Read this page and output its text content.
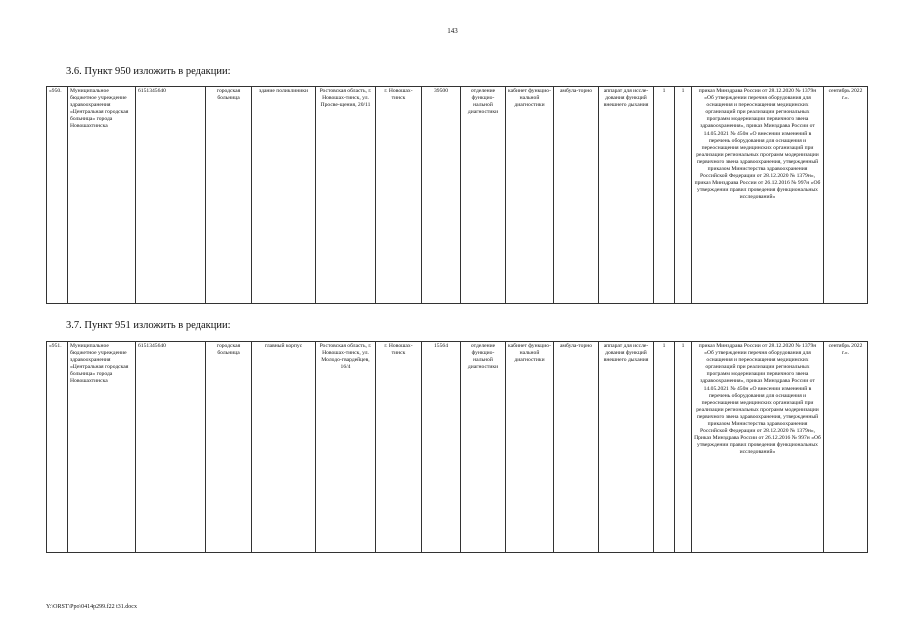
143
3.6. Пункт 950 изложить в редакции:
«950.	Муниципальное бюджетное учреждение здравоохранения «Центральная городская больница» города Новошахтинска	6151345640	городская больница	здание поликлиники	Ростовская область, г. Новошах-тинск, ул. Просве-щения, 20/11	г. Новошах-тинск	39500	отделение функцио-нальной диагностики	кабинет функцио-нальной диагностики	амбула-торно	аппарат для иссле-дования функций внешнего дыхания	1	1	приказ Минздрава России от 28.12.2020 № 1379н «Об утверждении перечня оборудования для оснащения и переоснащения медицинских организаций при реализации региональных программ модернизации первичного звена здравоохранения», приказ Минздрава России от 14.05.2021 № 450н «О внесении изменений в перечень оборудования для оснащения и переоснащения медицинских организаций при реализации региональных программ модернизации первичного звена здравоохранения, утвержденный приказом Министерства здравоохранения Российской Федерации от 28.12.2020 № 1379н», приказ Минздрава России от 26.12.2016 № 997н «Об утверждении правил проведения функциональных исследований»	сентябрь 2022 г.».
3.7. Пункт 951 изложить в редакции:
«951.	Муниципальное бюджетное учреждение здравоохранения «Центральная городская больница» города Новошахтинска	6151345640	городская больница	главный корпус	Ростовская область, г. Новошах-тинск, ул. Молодо-гвардейцев, 16/4	г. Новошах-тинск	15564	отделение функцио-нальной диагностики	кабинет функцио-нальной диагностики	амбула-торно	аппарат для иссле-дования функций внешнего дыхания	1	1	приказ Минздрава России от 28.12.2020 № 1379н «Об утверждении перечня оборудования для оснащения и переоснащения медицинских организаций при реализации региональных программ модернизации первичного звена здравоохранения», приказ Минздрава России от 14.05.2021 № 450н «О внесении изменений в перечень оборудования для оснащения и переоснащения медицинских организаций при реализации региональных программ модернизации первичного звена здравоохранения, утвержденный приказом Министерства здравоохранения Российской Федерации от 28.12.2020 № 1379н», Приказ Минздрава России от 26.12.2016 № 997н «Об утверждении правил проведения функциональных исследований»	сентябрь 2022 г.».
Y:\ORST\Ppo\0414p299.f22 t31.docx
